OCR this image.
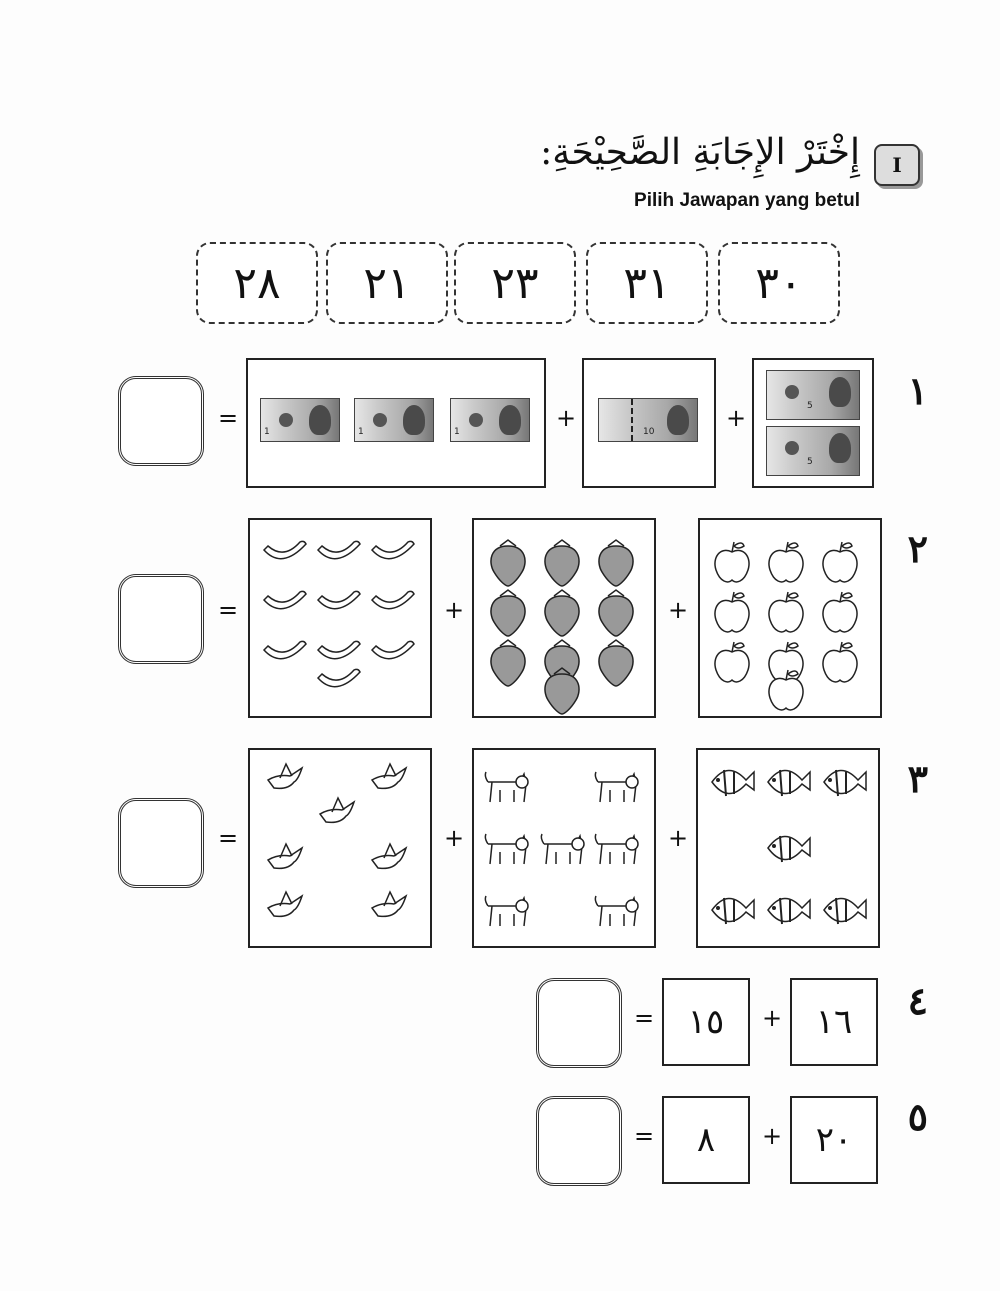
I
إِخْتَرْ الإِجَابَةِ الصَّحِيْحَةِ:
Pilih Jawapan yang betul
٢٨	٢١	٢٣	٣١	٣٠
١
=	1	1	1	+	10	+	5
5
٢
=	+	+
٣
=	+	+
٤
= ١٥	+ ١٦
٥
=	٨	+ ٢٠
